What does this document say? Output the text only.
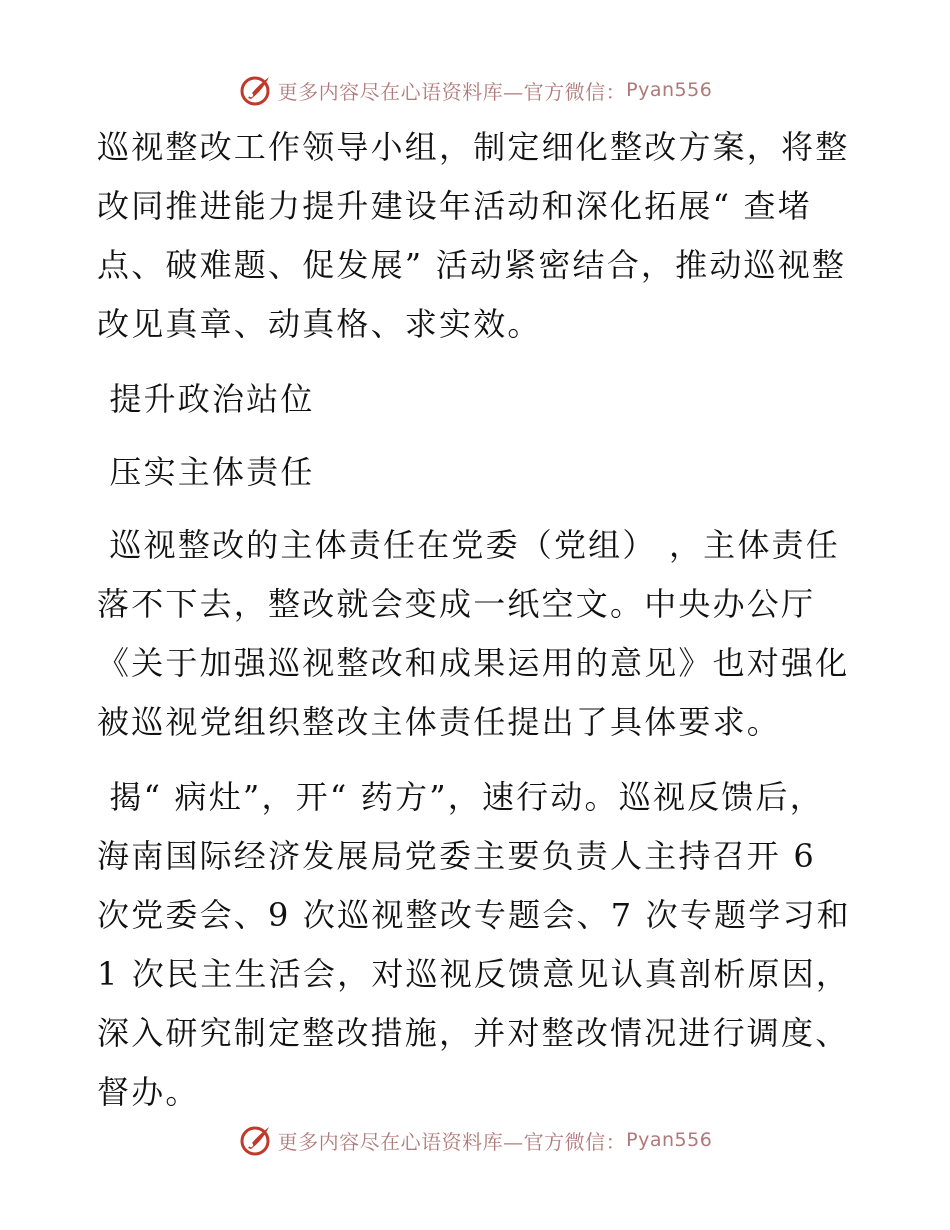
更多内容尽在心语资料库—官方微信： Pyan556

巡视整改工作领导小组，制定细化整改方案，将整改同推进能力提升建设年活动和深化拓展“ 查堵点、破难题、促发展” 活动紧密结合，推动巡视整改见真章、动真格、求实效。

提升政治站位

压实主体责任

巡视整改的主体责任在党委（党组） ，主体责任落不下去，整改就会变成一纸空文。中央办公厅《关于加强巡视整改和成果运用的意见》也对强化被巡视党组织整改主体责任提出了具体要求。

揭“ 病灶”，开“ 药方”，速行动。巡视反馈后，海南国际经济发展局党委主要负责人主持召开 6 次党委会、9 次巡视整改专题会、7 次专题学习和 1 次民主生活会，对巡视反馈意见认真剖析原因，深入研究制定整改措施，并对整改情况进行调度、督办。

更多内容尽在心语资料库—官方微信： Pyan556
